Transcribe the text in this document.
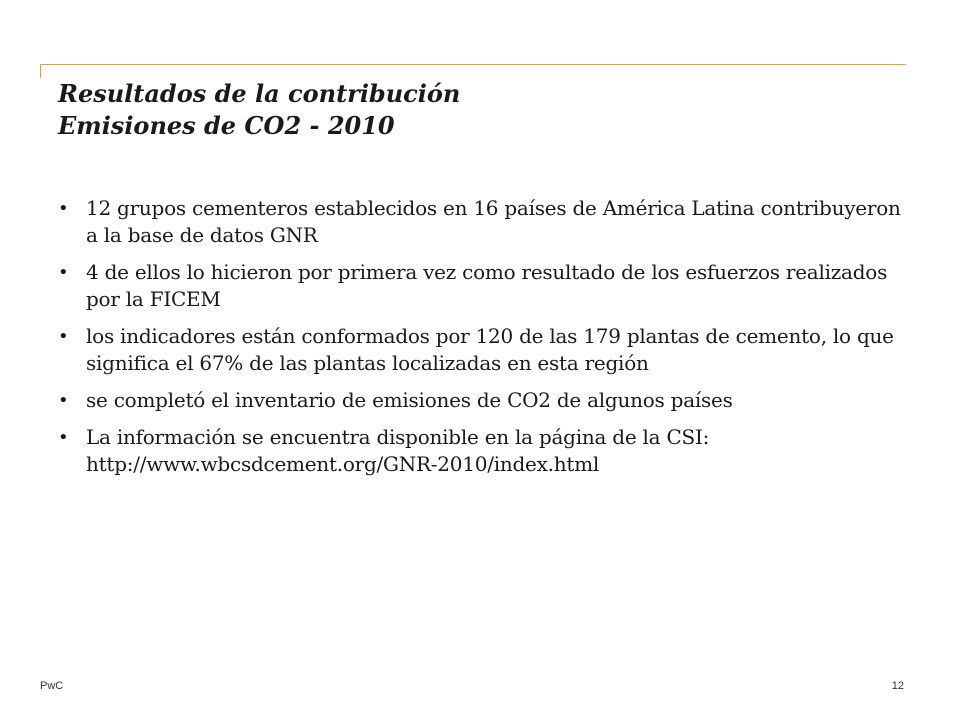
Resultados de la contribución
Emisiones de CO2 - 2010
• 12 grupos cementeros establecidos en 16 países de América Latina contribuyeron a la base de datos GNR
• 4 de ellos lo hicieron por primera vez como resultado de los esfuerzos realizados por la FICEM
• los indicadores están conformados por 120 de las 179 plantas de cemento, lo que significa el 67% de las plantas localizadas en esta región
• se completó el inventario de emisiones de CO2 de algunos países
• La información se encuentra disponible en la página de la CSI: http://www.wbcsdcement.org/GNR-2010/index.html
PwC	12
